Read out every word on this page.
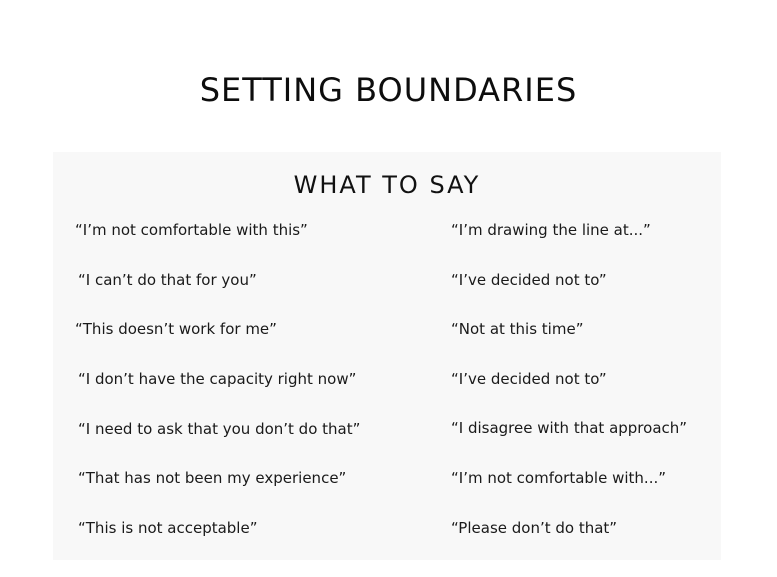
SETTING BOUNDARIES
WHAT TO SAY
“I’m not comfortable with this”
“I can’t do that for you”
“This doesn’t work for me”
“I don’t have the capacity right now”
“I need to ask that you don’t do that”
“That has not been my experience”
“This is not acceptable”
“I’m drawing the line at...”
“I’ve decided not to”
“Not at this time”
“I’ve decided not to”
“I disagree with that approach”
“I’m not comfortable with...”
“Please don’t do that”
